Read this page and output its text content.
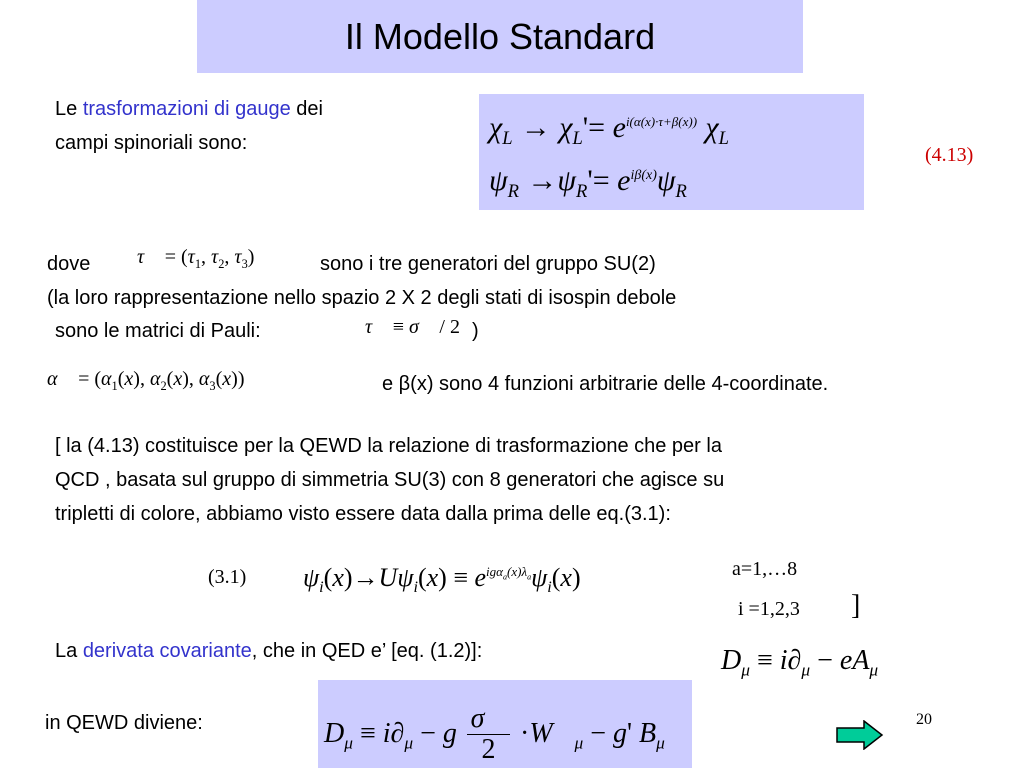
Il Modello Standard
Le trasformazioni di gauge dei
campi spinoriali sono:	$\chi_L \to \chi_L'= e^{i(\alpha(x)\cdot\tau+\beta(x))}$ $\chi_L$
$\psi_R \to\psi_R'= e^{i\beta(x)}\psi_R$
(4.13)
dove τ⃗ = ($\tau_1$, $\tau_2$, $\tau_3$)	sono i tre generatori del gruppo SU(2)
(la loro rappresentazione nello spazio 2 X 2 degli stati di isospin debole
sono le matrici di Pauli:	τ⃗ ≡ σ⃗ / 2 )
α⃗ = ($\alpha_1(x)$, $\alpha_2(x)$, $\alpha_3(x)$)	e β(x) sono 4 funzioni arbitrarie delle 4-coordinate.
[ la (4.13) costituisce per la QEWD la relazione di trasformazione che per la
QCD , basata sul gruppo di simmetria SU(3) con 8 generatori che agisce su
tripletti di colore, abbiamo visto essere data dalla prima delle eq.(3.1):
(3.1) $\psi_i(x)\to U\psi_i(x) \equiv e^{ig\alpha_a(x)\lambda_a}\psi_i(x)$	a=1,…8
i =1,2,3 ]
La derivata covariante, che in QED e’ [eq. (1.2)]:	$D_\mu \equiv i\partial_\mu - eA_\mu$
in QEWD diviene:	$D_\mu \equiv i\partial_\mu - g \frac{\sigma⃗}{2}$ $\cdot W⃗_\mu - g'$ $B_\mu$
20
